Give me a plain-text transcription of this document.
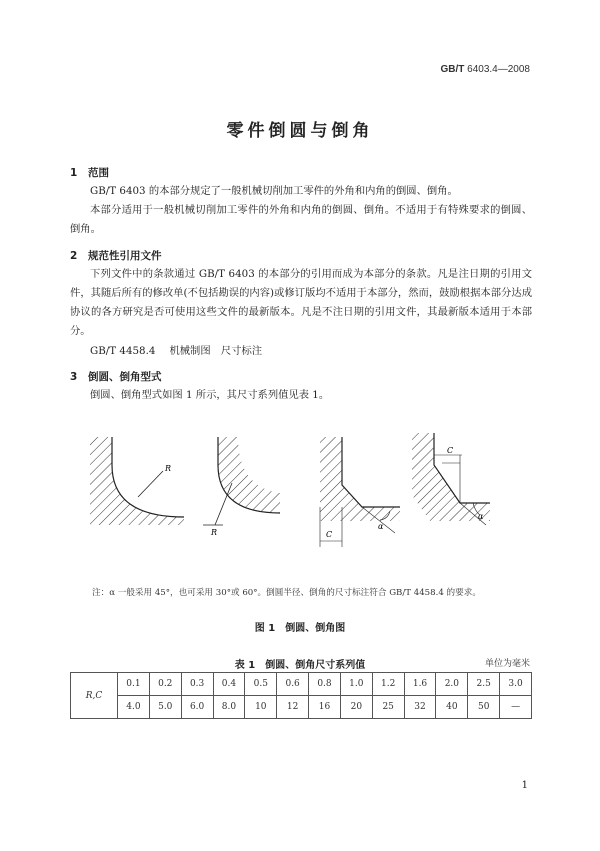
GB/T 6403.4—2008
零件倒圆与倒角
1 范围
GB/T 6403 的本部分规定了一般机械切削加工零件的外角和内角的倒圆、倒角。
本部分适用于一般机械切削加工零件的外角和内角的倒圆、倒角。不适用于有特殊要求的倒圆、倒角。
2 规范性引用文件
下列文件中的条款通过 GB/T 6403 的本部分的引用而成为本部分的条款。凡是注日期的引用文件，其随后所有的修改单(不包括勘误的内容)或修订版均不适用于本部分，然而，鼓励根据本部分达成协议的各方研究是否可使用这些文件的最新版本。凡是不注日期的引用文件，其最新版本适用于本部分。
GB/T 4458.4 机械制图　尺寸标注
3 倒圆、倒角型式
倒圆、倒角型式如图 1 所示，其尺寸系列值见表 1。
R
R	C
α
C
α
注：α 一般采用 45°，也可采用 30°或 60°。倒圆半径、倒角的尺寸标注符合 GB/T 4458.4 的要求。
图 1　倒圆、倒角图
表 1　倒圆、倒角尺寸系列值	单位为毫米
R,C	0.1	0.2	0.3	0.4	0.5	0.6	0.8	1.0	1.2	1.6	2.0	2.5	3.0
	4.0	5.0	6.0	8.0	10	12	16	20	25	32	40	50	—
1
